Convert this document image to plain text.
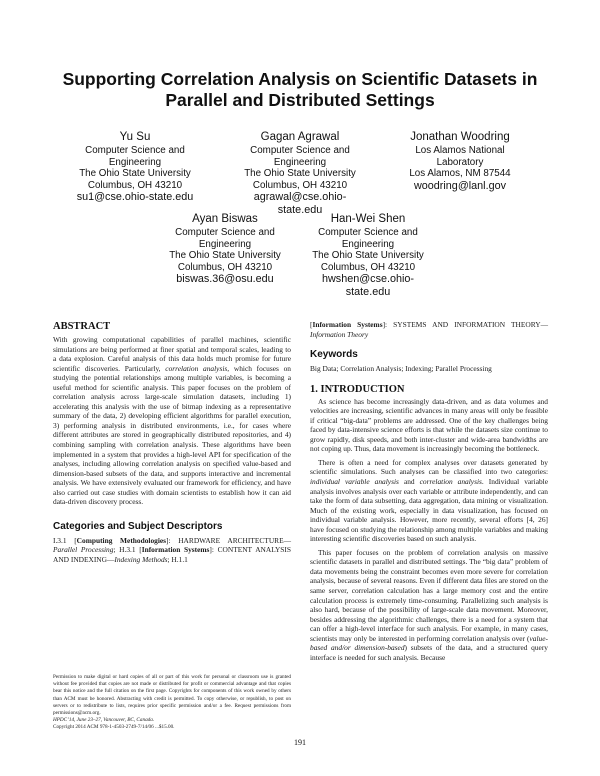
Supporting Correlation Analysis on Scientific Datasets in
Parallel and Distributed Settings
Yu Su
Computer Science and
Engineering
The Ohio State University
Columbus, OH 43210
su1@cse.ohio-state.edu
Gagan Agrawal
Computer Science and
Engineering
The Ohio State University
Columbus, OH 43210
agrawal@cse.ohio-
state.edu
Jonathan Woodring
Los Alamos National
Laboratory
Los Alamos, NM 87544
woodring@lanl.gov
Ayan Biswas
Computer Science and
Engineering
The Ohio State University
Columbus, OH 43210
biswas.36@osu.edu
Han-Wei Shen
Computer Science and
Engineering
The Ohio State University
Columbus, OH 43210
hwshen@cse.ohio-
state.edu
ABSTRACT

With growing computational capabilities of parallel machines, scientific simulations are being performed at finer spatial and temporal scales, leading to a data explosion. Careful analysis of this data holds much promise for future scientific discoveries. Particularly, correlation analysis, which focuses on studying the potential relationships among multiple variables, is becoming a useful method for scientific analysis. This paper focuses on the problem of correlation analysis across large-scale simulation datasets, including 1) accelerating this analysis with the use of bitmap indexing as a representative summary of the data, 2) developing efficient algorithms for parallel execution, 3) performing analysis in distributed environments, i.e., for cases where different attributes are stored in geographically distributed repositories, and 4) combining sampling with correlation analysis. These algorithms have been implemented in a system that provides a high-level API for specification of the analyses, including allowing correlation analysis on specified value-based and dimension-based subsets of the data, and supports interactive and incremental analysis. We have extensively evaluated our framework for efficiency, and have also carried out case studies with domain scientists to establish how it can aid data-driven discovery process.

Categories and Subject Descriptors

I.3.1 [Computing Methodologies]: HARDWARE ARCHITECTURE—Parallel Processing; H.3.1 [Information Systems]: CONTENT ANALYSIS AND INDEXING—Indexing Methods; H.1.1

Permission to make digital or hard copies of all or part of this work for personal or classroom use is granted without fee provided that copies are not made or distributed for profit or commercial advantage and that copies bear this notice and the full citation on the first page. Copyrights for components of this work owned by others than ACM must be honored. Abstracting with credit is permitted. To copy otherwise, or republish, to post on servers or to redistribute to lists, requires prior specific permission and/or a fee. Request permissions from permissions@acm.org.

HPDC’14, June 23–27, Vancouver, BC, Canada.

Copyright 2014 ACM 978-1-4503-2749-7/14/06 ...$15.00.

[Information Systems]: SYSTEMS AND INFORMATION THEORY—Information Theory

Keywords

Big Data; Correlation Analysis; Indexing; Parallel Processing

1. INTRODUCTION

As science has become increasingly data-driven, and as data volumes and velocities are increasing, scientific advances in many areas will only be feasible if critical “big-data” problems are addressed. One of the key challenges being faced by data-intensive science efforts is that while the datasets size continue to grow rapidly, disk speeds, and both inter-cluster and wide-area bandwidths are not coping up. Thus, data movement is increasingly becoming the bottleneck.

There is often a need for complex analyses over datasets generated by scientific simulations. Such analyses can be classified into two categories: individual variable analysis and correlation analysis. Individual variable analysis involves analysis over each variable or attribute independently, and can take the form of data subsetting, data aggregation, data mining or visualization. Much of the existing work, especially in data visualization, has focused on individual variable analysis. However, more recently, several efforts [4, 26] have focused on studying the relationship among multiple variables and making interesting scientific discoveries based on such analysis.

This paper focuses on the problem of correlation analysis on massive scientific datasets in parallel and distributed settings. The “big data” problem of data movements being the constraint becomes even more severe for correlation analysis, because of several reasons. Even if different data files are stored on the same server, correlation calculation has a large memory cost and the entire calculation process is extremely time-consuming. Parallelizing such analysis is also hard, because of the possibility of large-scale data movement. Moreover, besides addressing the algorithmic challenges, there is a need for a system that can offer a high-level interface for such analysis. For example, in many cases, scientists may only be interested in performing correlation analysis over (value-based and/or dimension-based) subsets of the data, and a structured query interface is needed for such analysis. Because

191
